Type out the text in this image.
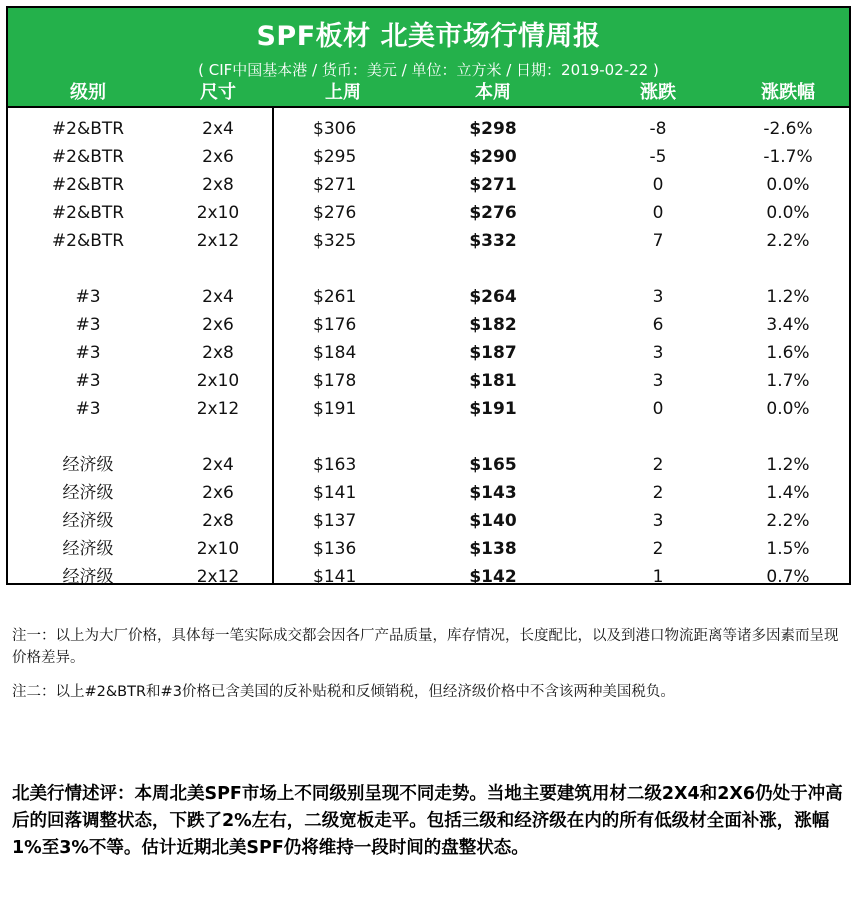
SPF板材 北美市场行情周报
( CIF中国基本港 / 货币：美元 / 单位：立方米 / 日期：2019-02-22 )
级别	尺寸	上周	本周	涨跌	涨跌幅
#2&BTR	2x4	$306	$298	-8	-2.6%
#2&BTR	2x6	$295	$290	-5	-1.7%
#2&BTR	2x8	$271	$271	0	0.0%
#2&BTR	2x10	$276	$276	0	0.0%
#2&BTR	2x12	$325	$332	7	2.2%
#3	2x4	$261	$264	3	1.2%
#3	2x6	$176	$182	6	3.4%
#3	2x8	$184	$187	3	1.6%
#3	2x10	$178	$181	3	1.7%
#3	2x12	$191	$191	0	0.0%
经济级	2x4	$163	$165	2	1.2%
经济级	2x6	$141	$143	2	1.4%
经济级	2x8	$137	$140	3	2.2%
经济级	2x10	$136	$138	2	1.5%
经济级	2x12	$141	$142	1	0.7%
注一：以上为大厂价格，具体每一笔实际成交都会因各厂产品质量，库存情况，长度配比，以及到港口物流距离等诸多因素而呈现价格差异。
注二：以上#2&BTR和#3价格已含美国的反补贴税和反倾销税，但经济级价格中不含该两种美国税负。
北美行情述评：本周北美SPF市场上不同级别呈现不同走势。当地主要建筑用材二级2X4和2X6仍处于冲高后的回落调整状态，下跌了2%左右，二级宽板走平。包括三级和经济级在内的所有低级材全面补涨，涨幅1%至3%不等。估计近期北美SPF仍将维持一段时间的盘整状态。
